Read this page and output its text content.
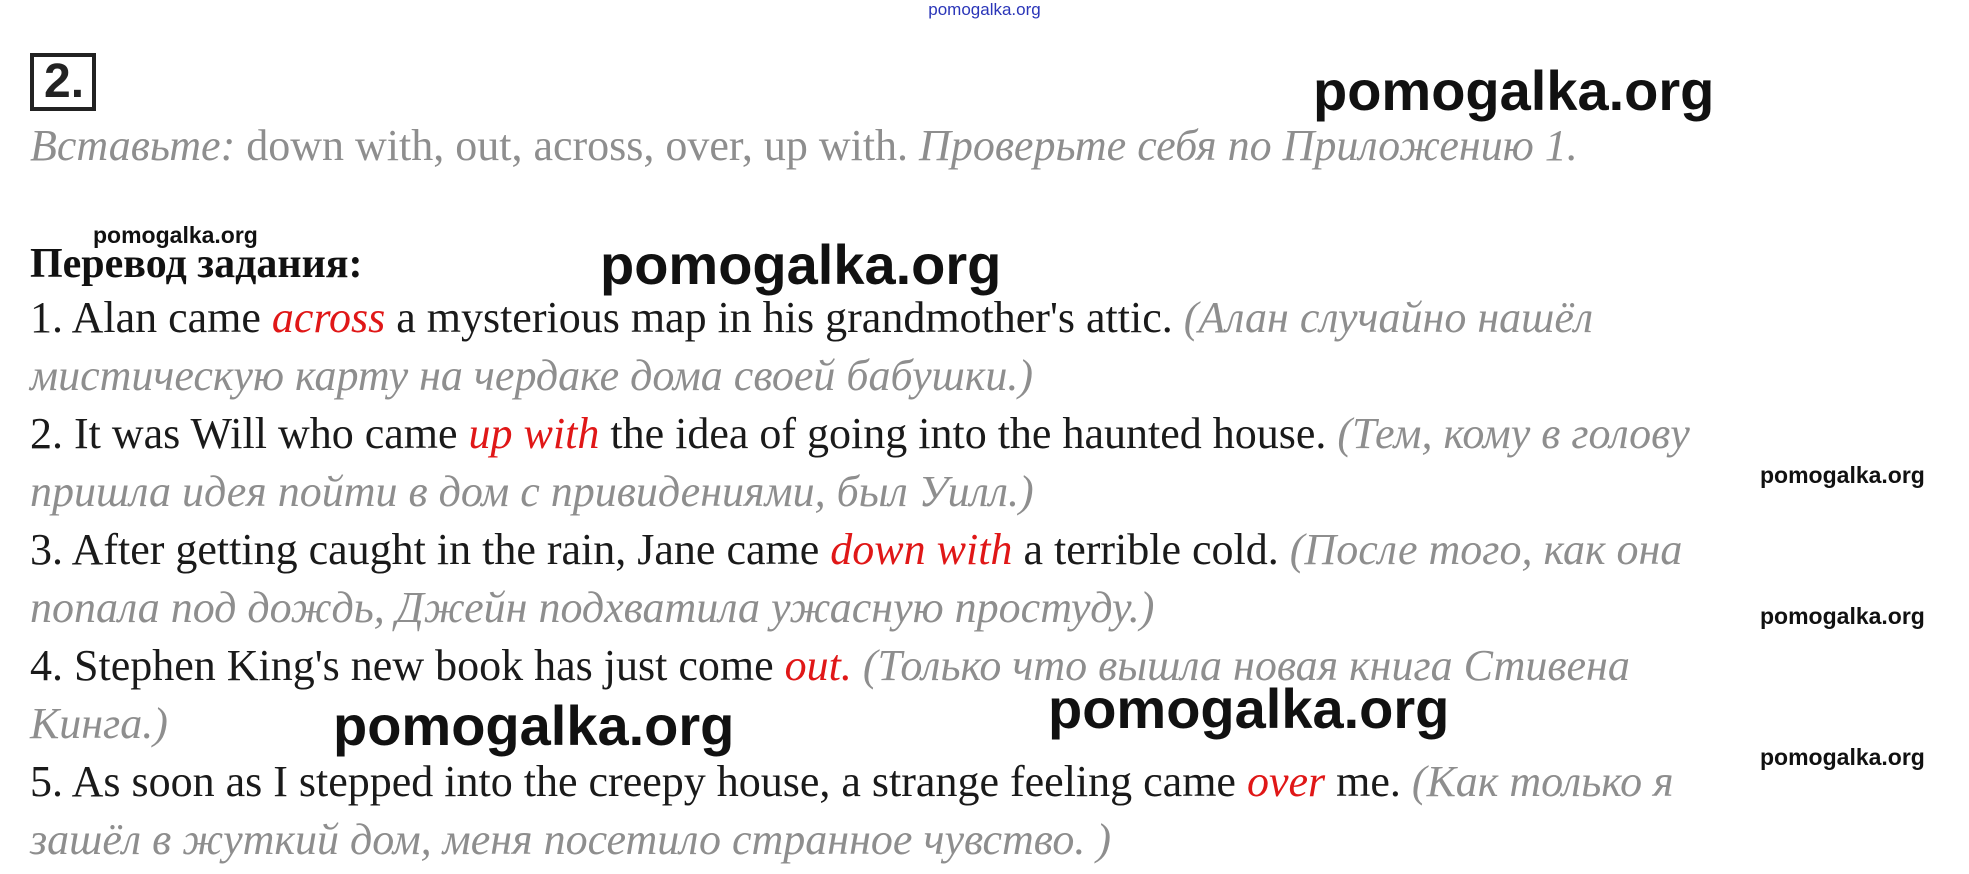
pomogalka.org
2.
Вставьте: down with, out, across, over, up with. Проверьте себя по Приложению 1.
Перевод задания:
1. Alan came across a mysterious map in his grandmother's attic. (Алан случайно нашёл
мистическую карту на чердаке дома своей бабушки.)
2. It was Will who came up with the idea of going into the haunted house. (Тем, кому в голову
пришла идея пойти в дом с привидениями, был Уилл.)
3. After getting caught in the rain, Jane came down with a terrible cold. (После того, как она
попала под дождь, Джейн подхватила ужасную простуду.)
4. Stephen King's new book has just come out. (Только что вышла новая книга Стивена
Кинга.)
5. As soon as I stepped into the creepy house, a strange feeling came over me. (Как только я
зашёл в жуткий дом, меня посетило странное чувство. )
pomogalka.org
pomogalka.org	pomogalka.org
pomogalka.org
pomogalka.org
pomogalka.org
pomogalka.org	pomogalka.org
